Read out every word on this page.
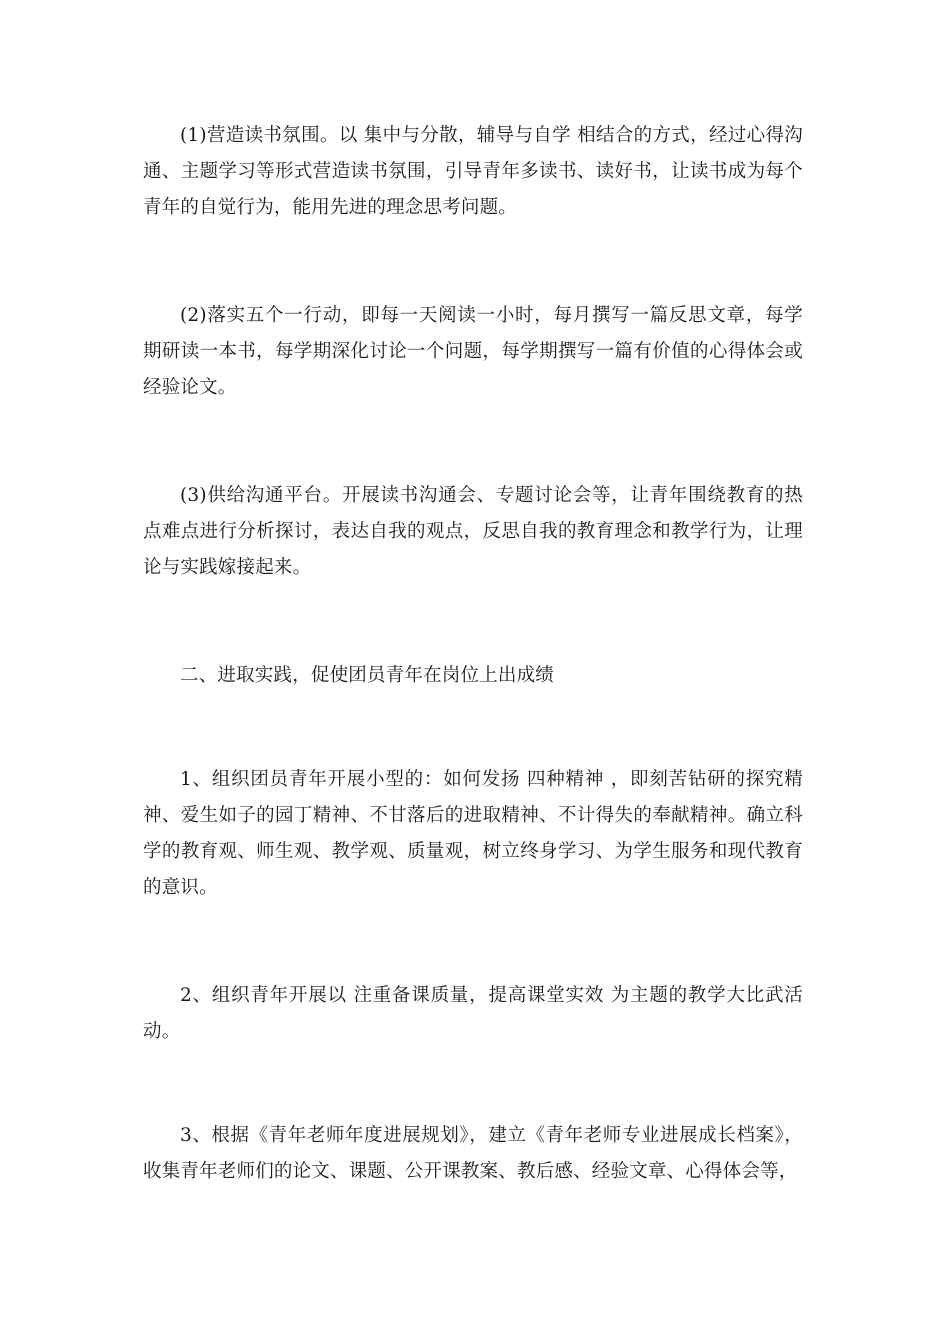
(1)营造读书氛围。以 集中与分散，辅导与自学 相结合的方式，经过心得沟通、主题学习等形式营造读书氛围，引导青年多读书、读好书，让读书成为每个青年的自觉行为，能用先进的理念思考问题。

(2)落实五个一行动，即每一天阅读一小时，每月撰写一篇反思文章，每学期研读一本书，每学期深化讨论一个问题，每学期撰写一篇有价值的心得体会或经验论文。

(3)供给沟通平台。开展读书沟通会、专题讨论会等，让青年围绕教育的热点难点进行分析探讨，表达自我的观点，反思自我的教育理念和教学行为，让理论与实践嫁接起来。

二、进取实践，促使团员青年在岗位上出成绩

1、组织团员青年开展小型的：如何发扬 四种精神 ，即刻苦钻研的探究精神、爱生如子的园丁精神、不甘落后的进取精神、不计得失的奉献精神。确立科学的教育观、师生观、教学观、质量观，树立终身学习、为学生服务和现代教育的意识。

2、组织青年开展以 注重备课质量，提高课堂实效 为主题的教学大比武活动。

3、根据《青年老师年度进展规划》，建立《青年老师专业进展成长档案》，收集青年老师们的论文、课题、公开课教案、教后感、经验文章、心得体会等，
